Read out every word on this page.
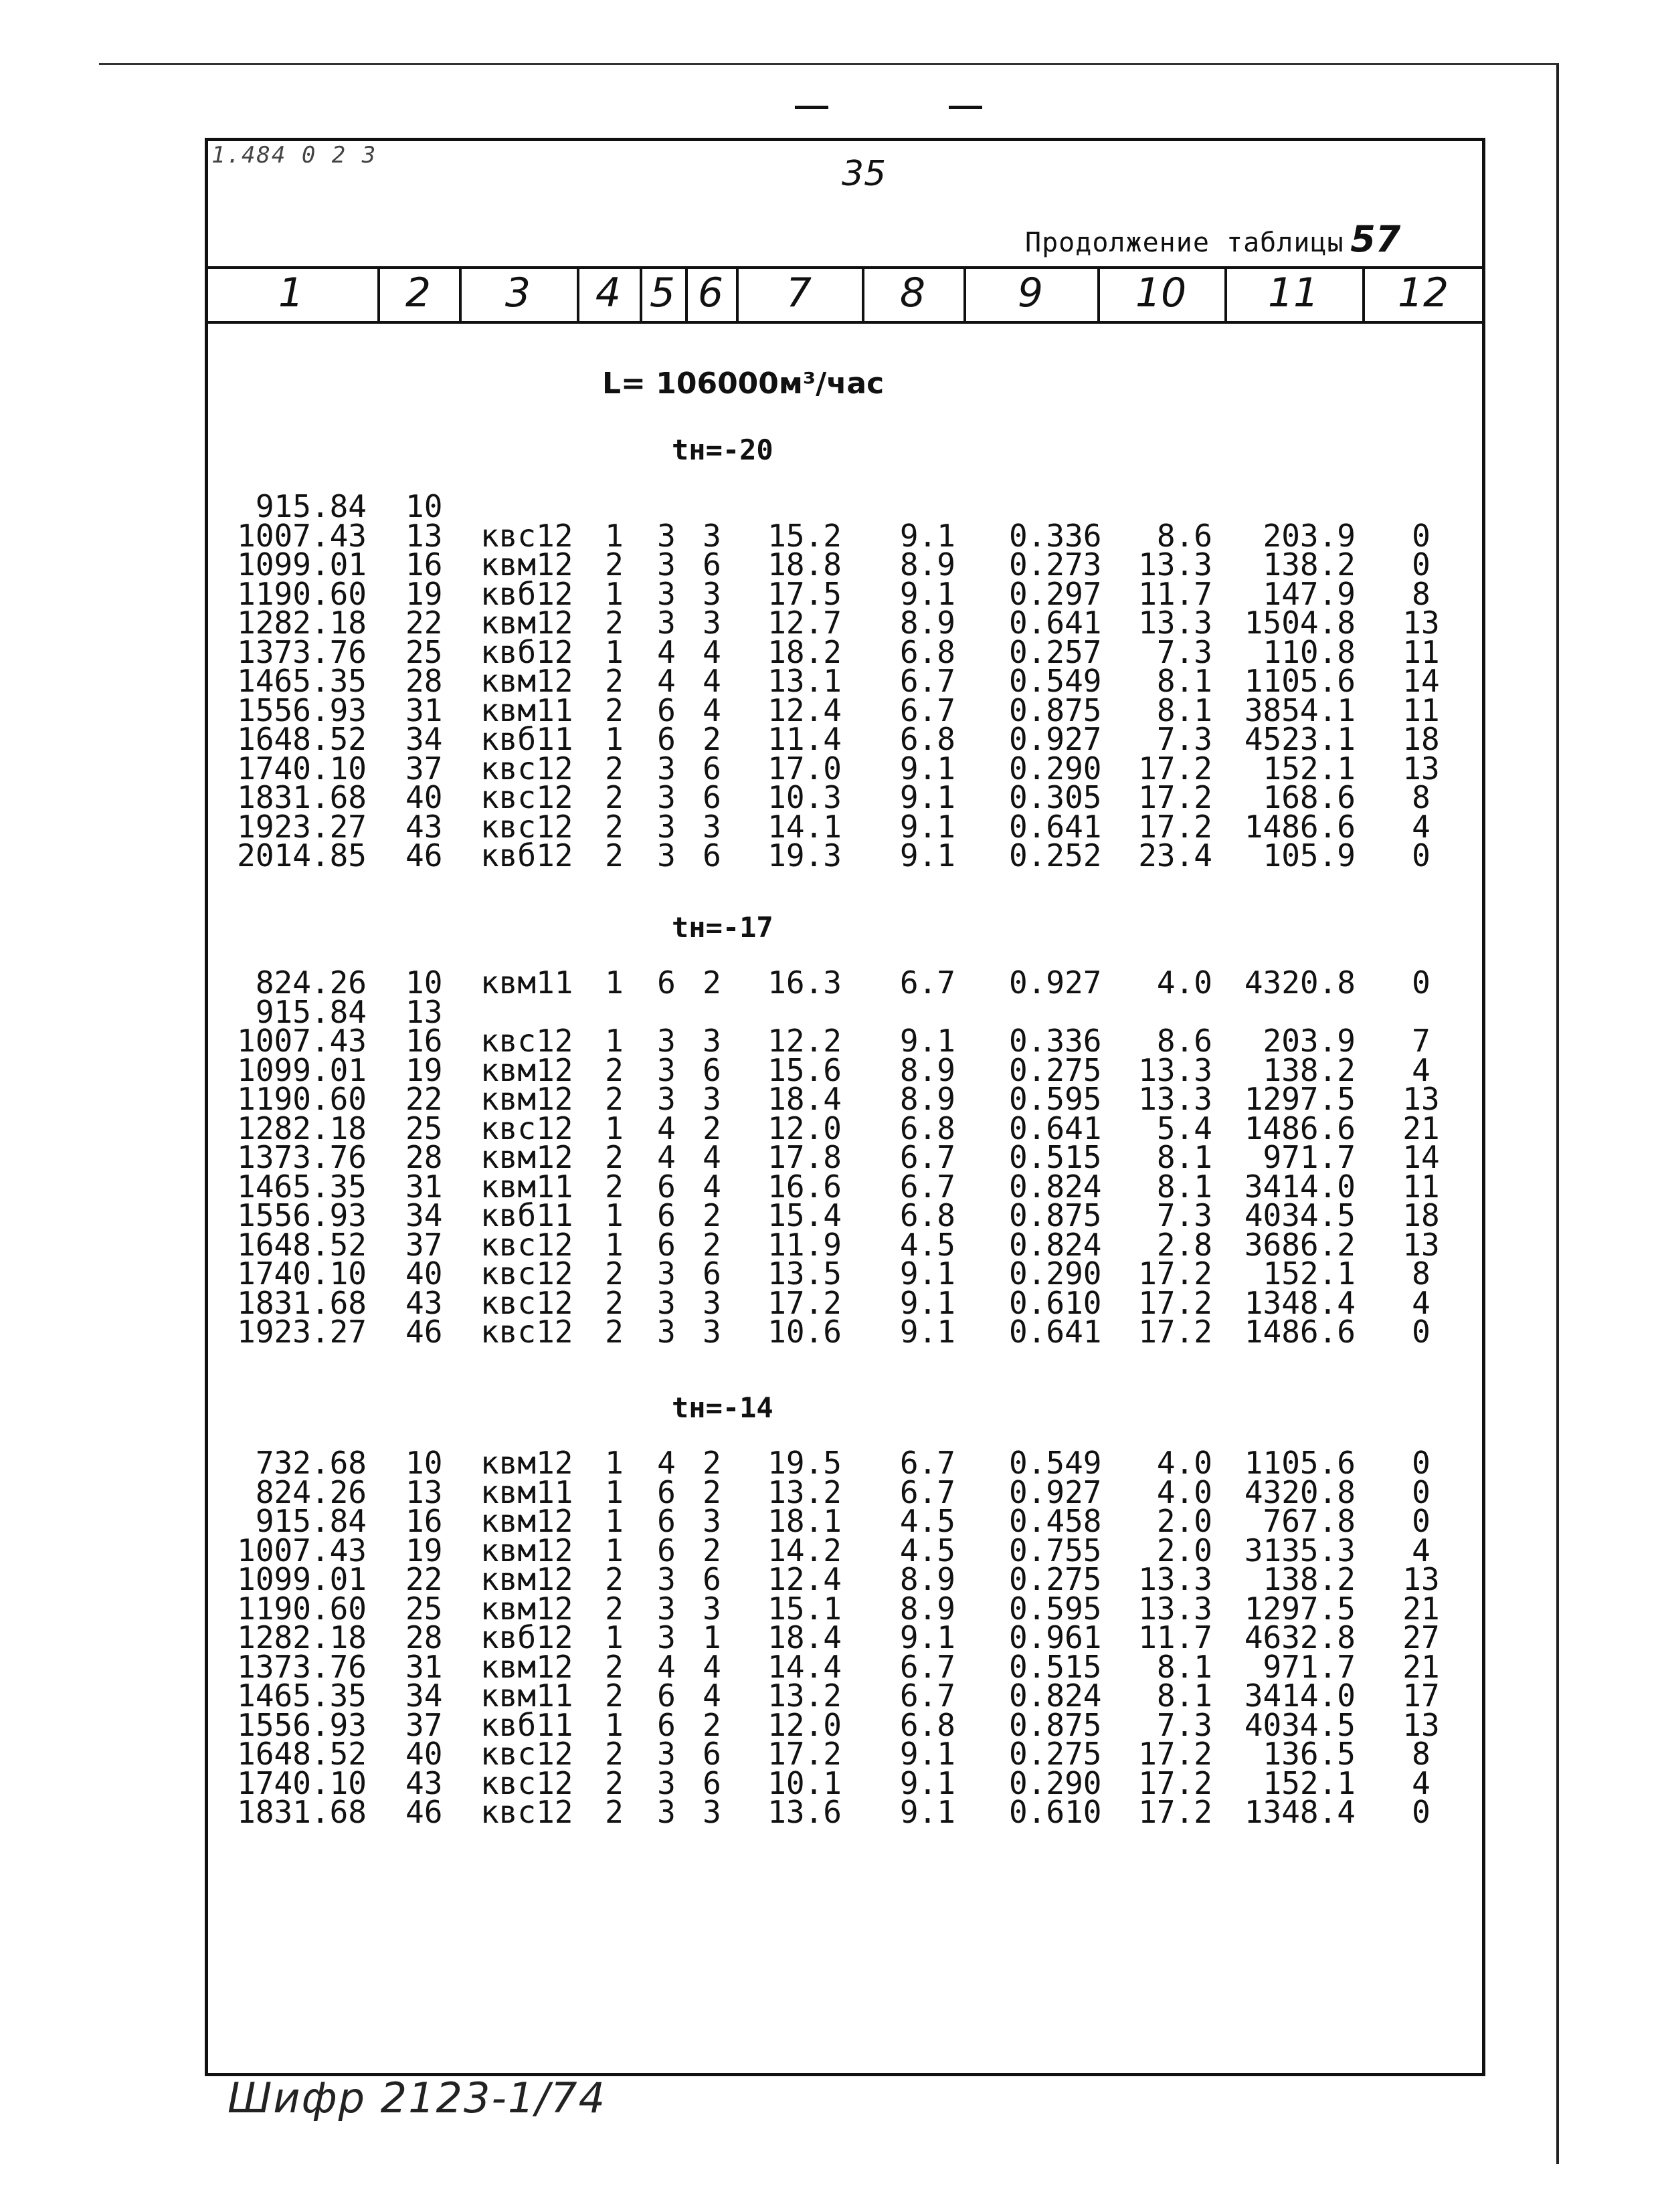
1.484 0 2 3	35
Продолжение таблицы 57
1	2 3 4 5 6 7 8 9 10 11 12
L= 106000м³/час
tн=-20
915.84 10
1007.43 13 квс12 1 3 3 15.2 9.1 0.336 8.6 203.9 0
1099.01 16 квм12 2 3 6 18.8 8.9 0.273 13.3 138.2 0
1190.60 19 квб12 1 3 3 17.5 9.1 0.297 11.7 147.9 8
1282.18 22 квм12 2 3 3 12.7 8.9 0.641 13.3 1504.8 13
1373.76 25 квб12 1 4 4 18.2 6.8 0.257 7.3 110.8 11
1465.35 28 квм12 2 4 4 13.1 6.7 0.549 8.1 1105.6 14
1556.93 31 квм11 2 6 4 12.4 6.7 0.875 8.1 3854.1 11
1648.52 34 квб11 1 6 2 11.4 6.8 0.927 7.3 4523.1 18
1740.10 37 квс12 2 3 6 17.0 9.1 0.290 17.2 152.1 13
1831.68 40 квс12 2 3 6 10.3 9.1 0.305 17.2 168.6 8
1923.27 43 квс12 2 3 3 14.1 9.1 0.641 17.2 1486.6 4
2014.85 46 квб12 2 3 6 19.3 9.1 0.252 23.4 105.9 0
tн=-17
824.26 10 квм11 1 6 2 16.3 6.7 0.927 4.0 4320.8 0
915.84 13
1007.43 16 квс12 1 3 3 12.2 9.1 0.336 8.6 203.9 7
1099.01 19 квм12 2 3 6 15.6 8.9 0.275 13.3 138.2 4
1190.60 22 квм12 2 3 3 18.4 8.9 0.595 13.3 1297.5 13
1282.18 25 квс12 1 4 2 12.0 6.8 0.641 5.4 1486.6 21
1373.76 28 квм12 2 4 4 17.8 6.7 0.515 8.1 971.7 14
1465.35 31 квм11 2 6 4 16.6 6.7 0.824 8.1 3414.0 11
1556.93 34 квб11 1 6 2 15.4 6.8 0.875 7.3 4034.5 18
1648.52 37 квс12 1 6 2 11.9 4.5 0.824 2.8 3686.2 13
1740.10 40 квс12 2 3 6 13.5 9.1 0.290 17.2 152.1 8
1831.68 43 квс12 2 3 3 17.2 9.1 0.610 17.2 1348.4 4
1923.27 46 квс12 2 3 3 10.6 9.1 0.641 17.2 1486.6 0
tн=-14
732.68 10 квм12 1 4 2 19.5 6.7 0.549 4.0 1105.6 0
824.26 13 квм11 1 6 2 13.2 6.7 0.927 4.0 4320.8 0
915.84 16 квм12 1 6 3 18.1 4.5 0.458 2.0 767.8 0
1007.43 19 квм12 1 6 2 14.2 4.5 0.755 2.0 3135.3 4
1099.01 22 квм12 2 3 6 12.4 8.9 0.275 13.3 138.2 13
1190.60 25 квм12 2 3 3 15.1 8.9 0.595 13.3 1297.5 21
1282.18 28 квб12 1 3 1 18.4 9.1 0.961 11.7 4632.8 27
1373.76 31 квм12 2 4 4 14.4 6.7 0.515 8.1 971.7 21
1465.35 34 квм11 2 6 4 13.2 6.7 0.824 8.1 3414.0 17
1556.93 37 квб11 1 6 2 12.0 6.8 0.875 7.3 4034.5 13
1648.52 40 квс12 2 3 6 17.2 9.1 0.275 17.2 136.5 8
1740.10 43 квс12 2 3 6 10.1 9.1 0.290 17.2 152.1 4
1831.68 46 квс12 2 3 3 13.6 9.1 0.610 17.2 1348.4 0
Шифр 2123-1/74
